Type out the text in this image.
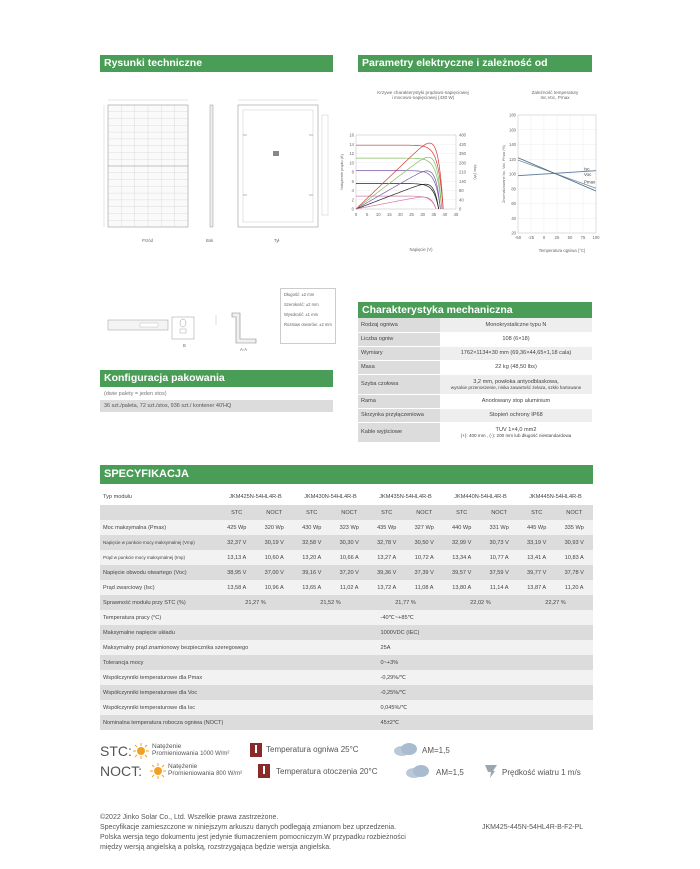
Rysunki techniczne	Parametry elektryczne i zależność od temperatury
Przód	Bok	Tył
B
A-A
Długość: ±2 mm
Szerokość: ±2 mm
Wysokość: ±1 mm
Rozstaw otworów: ±2 mm
Krzywe charakterystyki prądowo-napięciowej
i mocowo-napięciowej (430 W)
0 5 10 15 20 25 30 35 40 45
0
2
4
6
8
10
12
14
16
0
40
80
140
210
280
350
420
480
Natężenie prądu (A)	Moc (W)
Napięcie (V)
Zależność temperatury
Isc,Voc, Pmax
20
40
60
80
100
120
140
160
180
-50 -25 0 25 50 75 100
Znormalizowane Isc, Voc, Pmax (%)
Temperatura ogniwa (°C)
Isc
Voc
Pmax
Charakterystyka mechaniczna
Rodzaj ogniwa	Monokrystaliczne typu N
Liczba ogniw	108 (6×18)
Wymiary	1762×1134×30 mm (69,36×44,65×1,18 cala)
Masa	22 kg (48,50 lbs)
Szyba czołowa	3,2 mm, powłoka antyodblaskowa,
wysokie przenoszenie, niska zawartość żelaza, szkło hartowane

Rama	Anodowany stop aluminium
Skrzynka przyłączeniowa	Stopień ochrony IP68
Kable wyjściowe	TUV 1×4,0 mm2
(+): 400 mm , (-): 200 mm lub długość niestandardowa
Konfiguracja pakowania
(dwie palety = jeden stos)
36 szt./paleta, 72 szt./stos, 936 szt./ kontener 40'HQ
SPECYFIKACJA
Typ modułu	JKM425N-54HL4R-B		JKM430N-54HL4R-B		JKM435N-54HL4R-B		JKM440N-54HL4R-B		JKM445N-54HL4R-B	
	STC	NOCT	STC	NOCT	STC	NOCT	STC	NOCT	STC	NOCT
Moc maksymalna (Pmax)	425 Wp	320 Wp	430 Wp	323 Wp	435 Wp	327 Wp	440 Wp	331 Wp	445 Wp	335 Wp
Napięcie w punkcie mocy maksymalnej (Vmp)	32,37 V	30,19 V	32,58 V	30,30 V	32,78 V	30,50 V	32,99 V	30,73 V	33,19 V	30,93 V
Prąd w punkcie mocy maksymalnej (Imp)	13,13 A	10,60 A	13,20 A	10,66 A	13,27 A	10,72 A	13,34 A	10,77 A	13,41 A	10,83 A
Napięcie obwodu otwartego (Voc)	38,95 V	37,00 V	39,16 V	37,20 V	39,36 V	37,39 V	39,57 V	37,59 V	39,77 V	37,78 V
Prąd zwarciowy (Isc)	13,58 A	10,96 A	13,65 A	11,02 A	13,72 A	11,08 A	13,80 A	11,14 A	13,87 A	11,20 A
Sprawność modułu przy STC (%)	21,27 %		21,52 %		21,77 %		22,02 %		22,27 %	
Temperatura pracy (°C)				-40℃~+85℃						
Maksymalne napięcie układu				1000VDC (IEC)						
Maksymalny prąd znamionowy bezpiecznika szeregowego				25A						
Tolerancja mocy				0~+3%						
Współczynniki temperaturowe dla Pmax				-0,29%/℃						
Współczynniki temperaturowe dla Voc				-0,25%/℃						
Współczynniki temperaturowe dla Isc				0,045%/℃						
Nominalna temperatura robocza ogniwa (NOCT)				45±2℃						
STC:
NOCT:
Natężenie
Promieniowania 1000 W/m²
Natężenie
Promieniowania 800 W/m²
Temperatura ogniwa 25°C
Temperatura otoczenia 20°C
AM=1,5
AM=1,5	Prędkość wiatru 1 m/s
©2022 Jinko Solar Co., Ltd. Wszelkie prawa zastrzeżone.
Specyfikacje zamieszczone w niniejszym arkuszu danych podlegają zmianom bez uprzedzenia.
Polska wersja tego dokumentu jest jedynie tłumaczeniem pomocniczym.W przypadku rozbieżności
między wersją angielską a polską, rozstrzygająca będzie wersja angielska.
JKM425-445N-54HL4R-B-F2-PL
